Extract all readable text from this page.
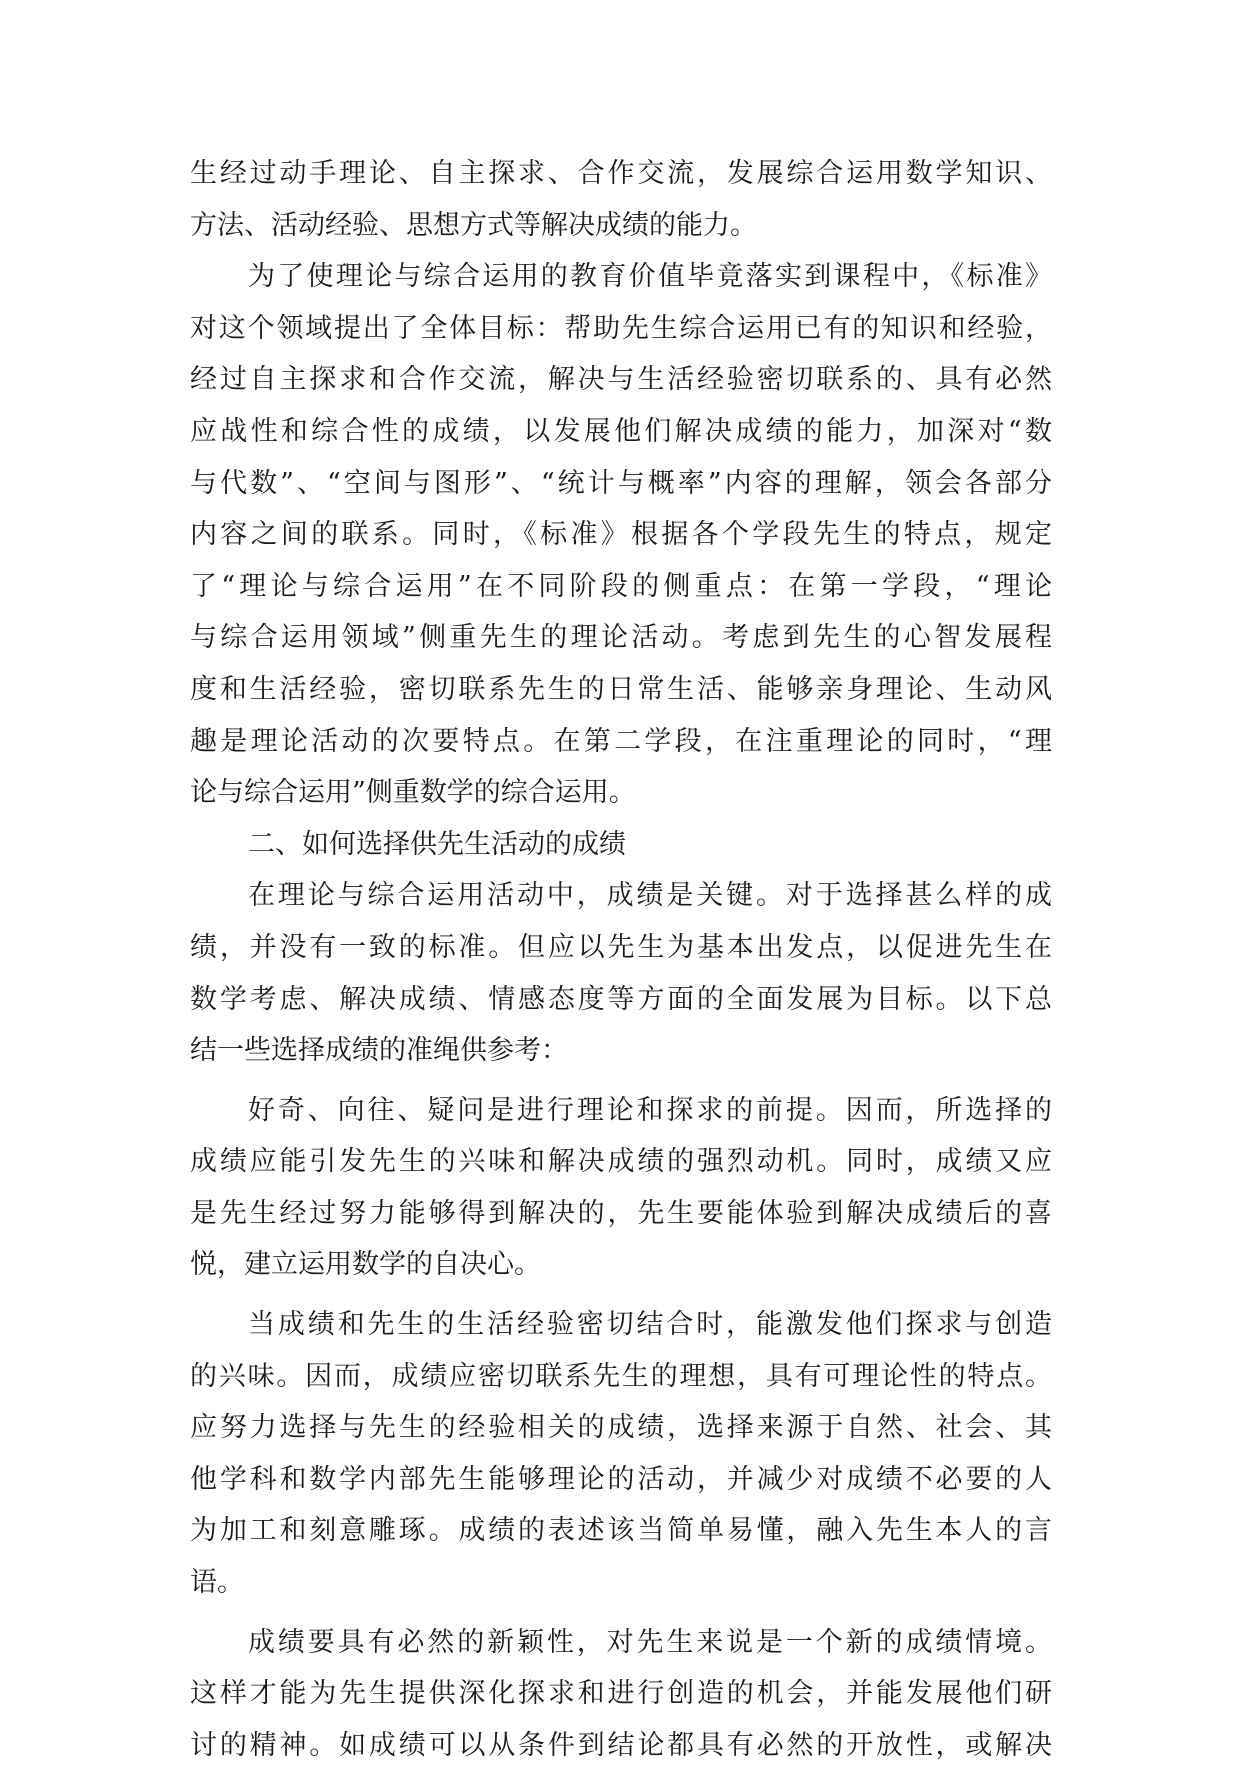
生经过动手理论、自主探求、合作交流，发展综合运用数学知识、
方法、活动经验、思想方式等解决成绩的能力。
为了使理论与综合运用的教育价值毕竟落实到课程中，《标准》
对这个领域提出了全体目标：帮助先生综合运用已有的知识和经验，
经过自主探求和合作交流，解决与生活经验密切联系的、具有必然
应战性和综合性的成绩，以发展他们解决成绩的能力，加深对“数
与代数”、“空间与图形”、“统计与概率”内容的理解，领会各部分
内容之间的联系。同时，《标准》根据各个学段先生的特点，规定
了“理论与综合运用”在不同阶段的侧重点：在第一学段，“理论
与综合运用领域”侧重先生的理论活动。考虑到先生的心智发展程
度和生活经验，密切联系先生的日常生活、能够亲身理论、生动风
趣是理论活动的次要特点。在第二学段，在注重理论的同时，“理
论与综合运用”侧重数学的综合运用。
二、如何选择供先生活动的成绩
在理论与综合运用活动中，成绩是关键。对于选择甚么样的成
绩，并没有一致的标准。但应以先生为基本出发点，以促进先生在
数学考虑、解决成绩、情感态度等方面的全面发展为目标。以下总
结一些选择成绩的准绳供参考：
好奇、向往、疑问是进行理论和探求的前提。因而，所选择的
成绩应能引发先生的兴味和解决成绩的强烈动机。同时，成绩又应
是先生经过努力能够得到解决的，先生要能体验到解决成绩后的喜
悦，建立运用数学的自决心。
当成绩和先生的生活经验密切结合时，能激发他们探求与创造
的兴味。因而，成绩应密切联系先生的理想，具有可理论性的特点。
应努力选择与先生的经验相关的成绩，选择来源于自然、社会、其
他学科和数学内部先生能够理论的活动，并减少对成绩不必要的人
为加工和刻意雕琢。成绩的表述该当简单易懂，融入先生本人的言
语。
成绩要具有必然的新颖性，对先生来说是一个新的成绩情境。
这样才能为先生提供深化探求和进行创造的机会，并能发展他们研
讨的精神。如成绩可以从条件到结论都具有必然的开放性，或解决
